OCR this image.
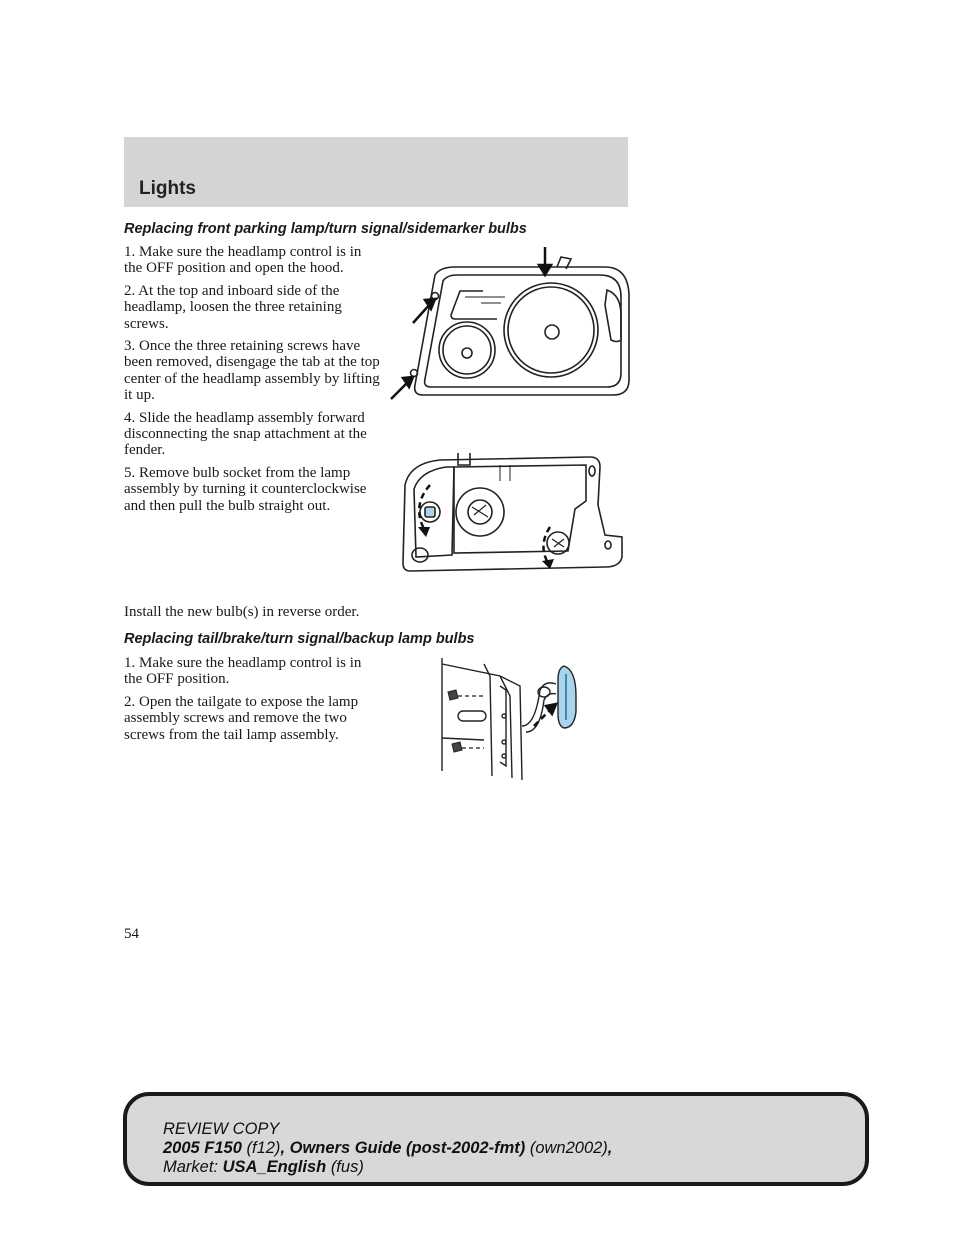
Lights
Replacing front parking lamp/turn signal/sidemarker bulbs

1. Make sure the headlamp control is in the OFF position and open the hood.

2. At the top and inboard side of the headlamp, loosen the three retaining screws.

3. Once the three retaining screws have been removed, disengage the tab at the top center of the headlamp assembly by lifting it up.

4. Slide the headlamp assembly forward disconnecting the snap attachment at the fender.

5. Remove bulb socket from the lamp assembly by turning it counterclockwise and then pull the bulb straight out.

Install the new bulb(s) in reverse order.
Replacing tail/brake/turn signal/backup lamp bulbs

1. Make sure the headlamp control is in the OFF position.

2. Open the tailgate to expose the lamp assembly screws and remove the two screws from the tail lamp assembly.

54
REVIEW COPY
2005 F150 (f12), Owners Guide (post-2002-fmt) (own2002),
Market: USA_English (fus)
